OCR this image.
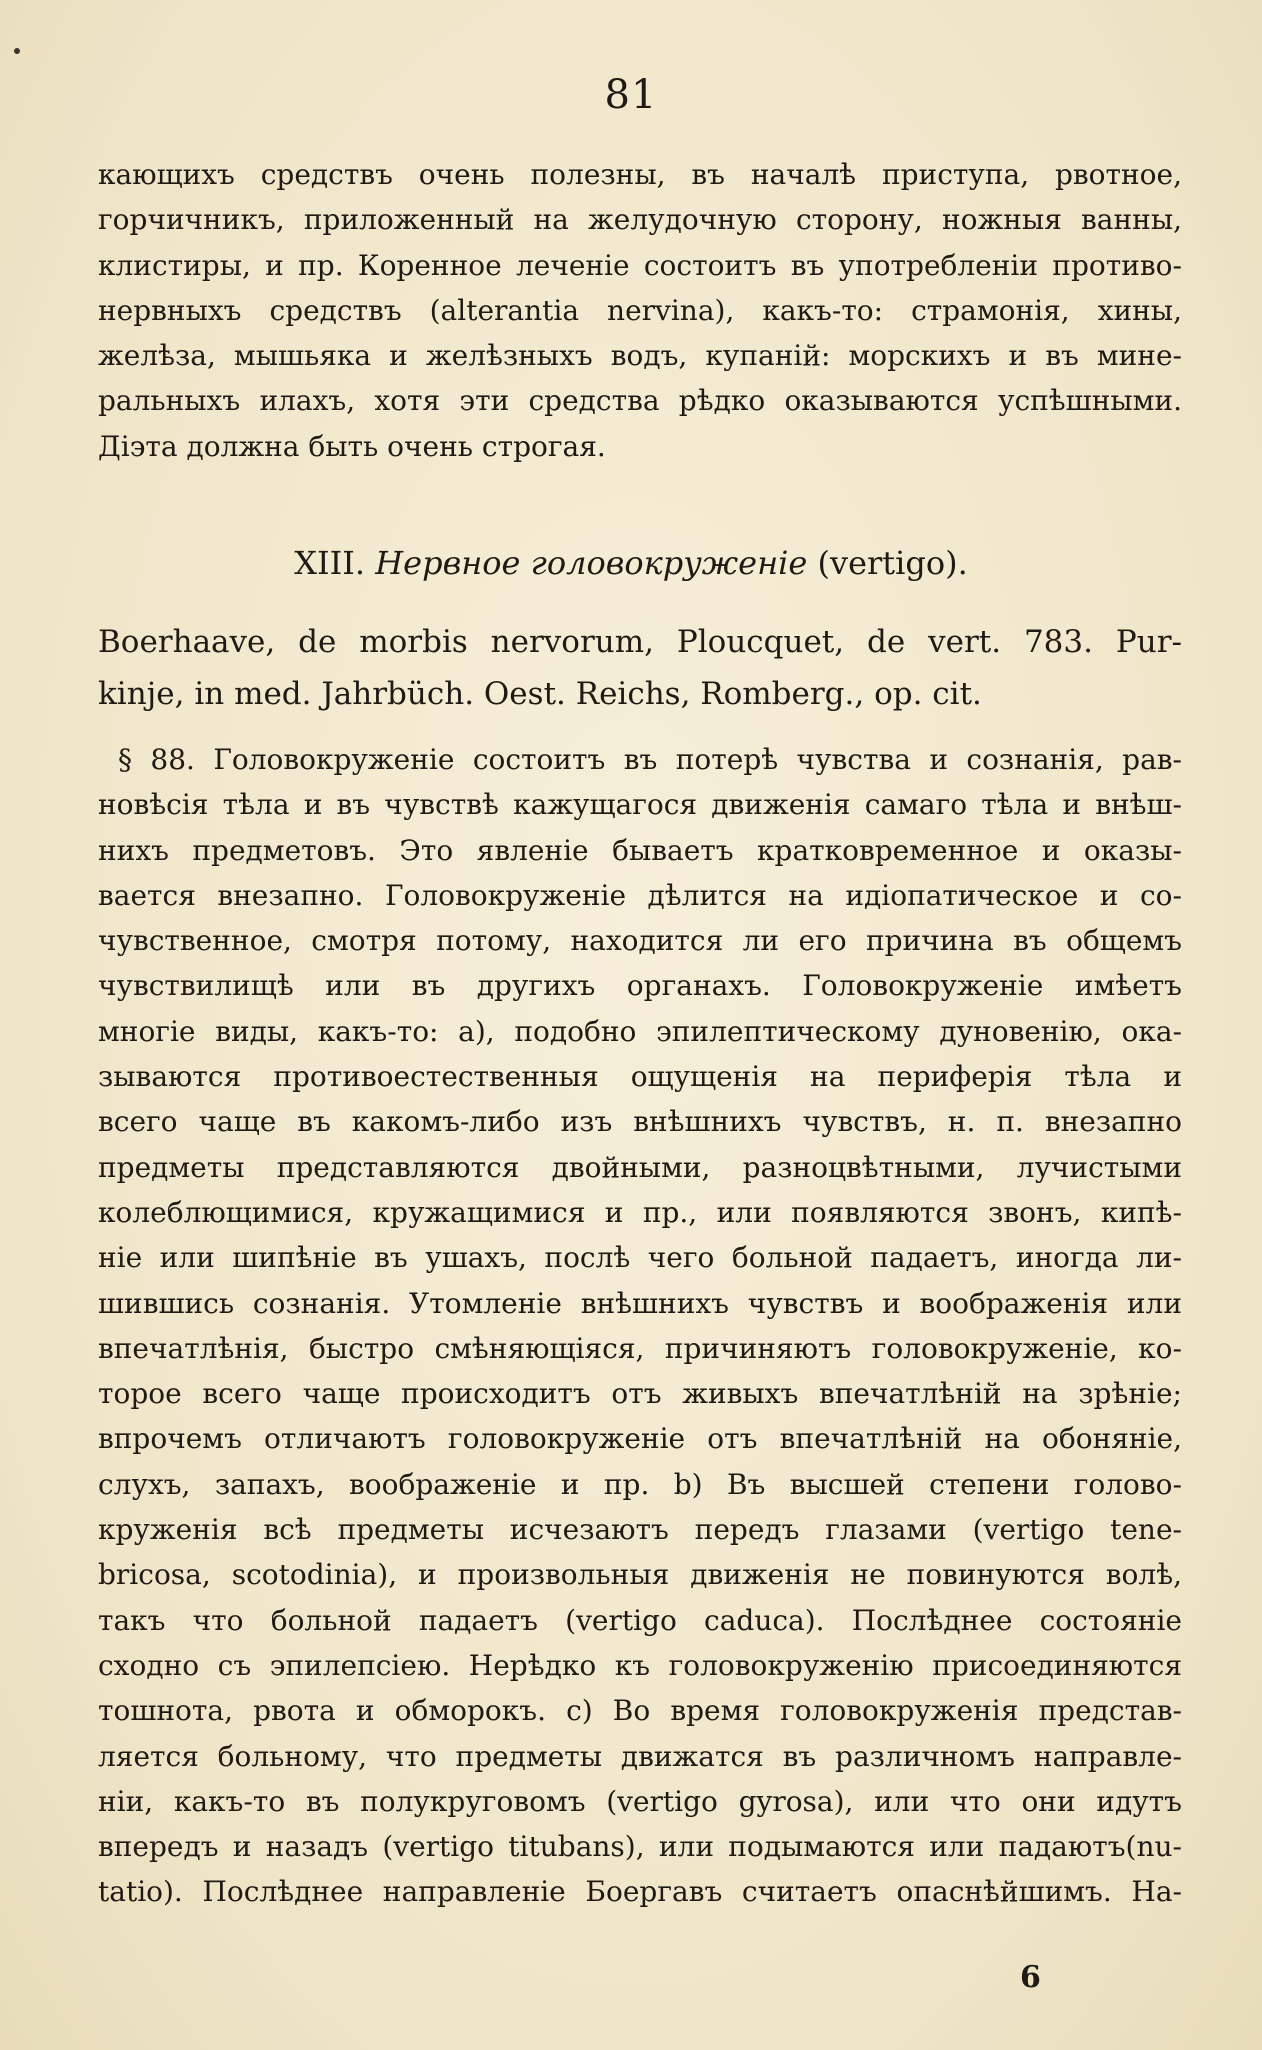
81
кающихъ средствъ очень полезны, въ началѣ приступа, рвотное,
горчичникъ, приложенный на желудочную сторону, ножныя ванны,
клистиры, и пр. Коренное леченіе состоитъ въ употребленіи противо-
нервныхъ средствъ (alterantia nervina), какъ-то: страмонія, хины,
желѣза, мышьяка и желѣзныхъ водъ, купаній: морскихъ и въ мине-
ральныхъ илахъ, хотя эти средства рѣдко оказываются успѣшными.
Діэта должна быть очень строгая.
XIII. Нервное головокруженіе (vertigo).
Boerhaave, de morbis nervorum, Ploucquet, de vert. 783. Pur-
kinje, in med. Jahrbüch. Oest. Reichs, Romberg., op. cit.
§ 88. Головокруженіе состоитъ въ потерѣ чувства и сознанія, рав-
новѣсія тѣла и въ чувствѣ кажущагося движенія самаго тѣла и внѣш-
нихъ предметовъ. Это явленіе бываетъ кратковременное и оказы-
вается внезапно. Головокруженіе дѣлится на идіопатическое и со-
чувственное, смотря потому, находится ли его причина въ общемъ
чувствилищѣ или въ другихъ органахъ. Головокруженіе имѣетъ
многіе виды, какъ-то: а), подобно эпилептическому дуновенію, ока-
зываются противоестественныя ощущенія на периферія тѣла и
всего чаще въ какомъ-либо изъ внѣшнихъ чувствъ, н. п. внезапно
предметы представляются двойными, разноцвѣтными, лучистыми
колеблющимися, кружащимися и пр., или появляются звонъ, кипѣ-
ніе или шипѣніе въ ушахъ, послѣ чего больной падаетъ, иногда ли-
шившись сознанія. Утомленіе внѣшнихъ чувствъ и воображенія или
впечатлѣнія, быстро смѣняющіяся, причиняютъ головокруженіе, ко-
торое всего чаще происходитъ отъ живыхъ впечатлѣній на зрѣніе;
впрочемъ отличаютъ головокруженіе отъ впечатлѣній на обоняніе,
слухъ, запахъ, воображеніе и пр. b) Въ высшей степени голово-
круженія всѣ предметы исчезаютъ передъ глазами (vertigo tene-
bricosa, scotodinia), и произвольныя движенія не повинуются волѣ,
такъ что больной падаетъ (vertigo caduca). Послѣднее состояніе
сходно съ эпилепсіею. Нерѣдко къ головокруженію присоединяются
тошнота, рвота и обморокъ. с) Во время головокруженія представ-
ляется больному, что предметы движатся въ различномъ направле-
ніи, какъ-то въ полукруговомъ (vertigo gyrosa), или что они идутъ
впередъ и назадъ (vertigo titubans), или подымаются или падаютъ(nu-
tatio). Послѣднее направленіе Боергавъ считаетъ опаснѣйшимъ. На-
6
